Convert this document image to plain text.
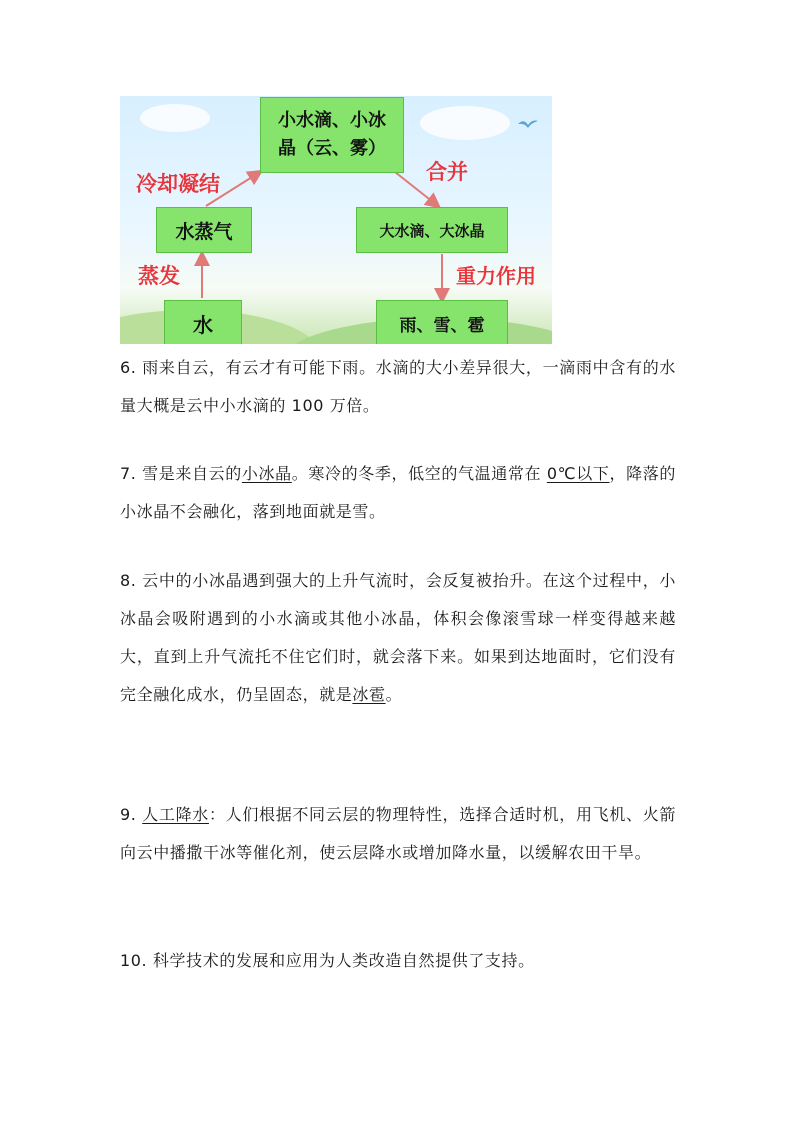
小水滴、小冰
晶（云、雾）
水蒸气	大水滴、大冰晶
水	雨、雪、雹
冷却凝结	合并
蒸发	重力作用

6. 雨来自云，有云才有可能下雨。水滴的大小差异很大，一滴雨中含有的水量大概是云中小水滴的 100 万倍。

7. 雪是来自云的小冰晶。寒冷的冬季，低空的气温通常在 0℃以下，降落的小冰晶不会融化，落到地面就是雪。

8. 云中的小冰晶遇到强大的上升气流时，会反复被抬升。在这个过程中，小冰晶会吸附遇到的小水滴或其他小冰晶，体积会像滚雪球一样变得越来越大，直到上升气流托不住它们时，就会落下来。如果到达地面时，它们没有完全融化成水，仍呈固态，就是冰雹。

9. 人工降水：人们根据不同云层的物理特性，选择合适时机，用飞机、火箭向云中播撒干冰等催化剂，使云层降水或增加降水量，以缓解农田干旱。

10. 科学技术的发展和应用为人类改造自然提供了支持。
